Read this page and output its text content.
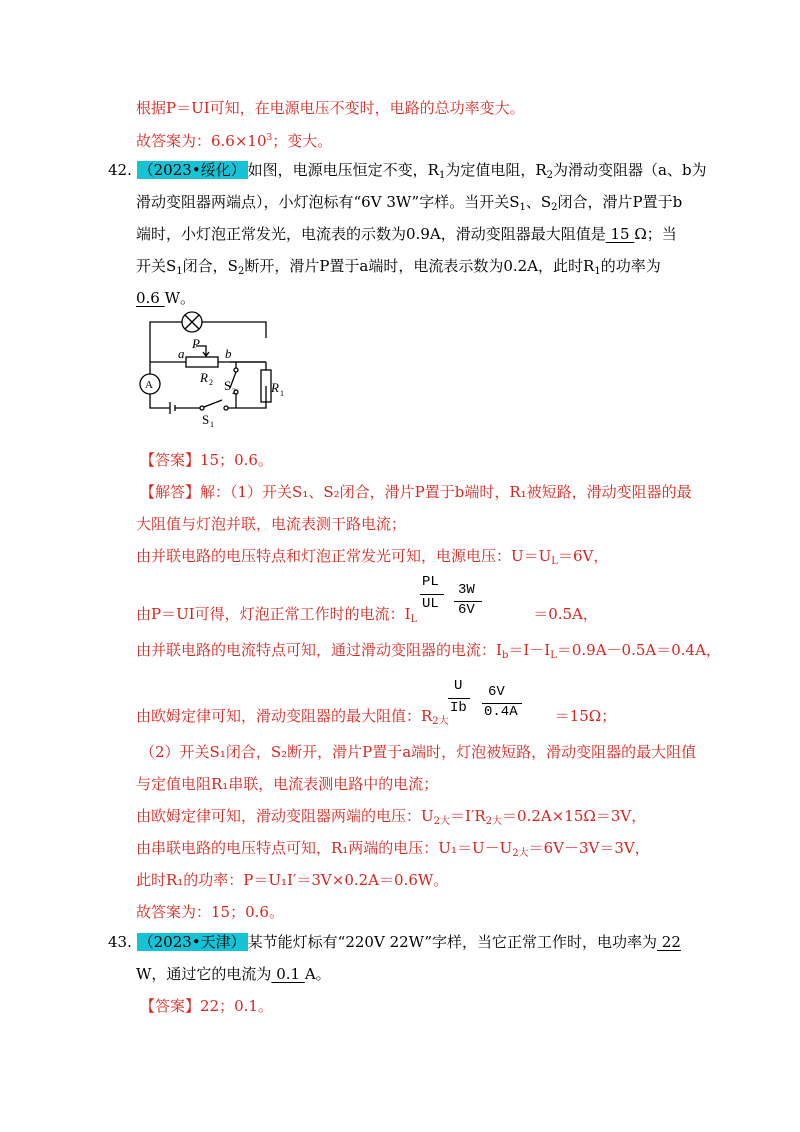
根据P＝UI可知，在电源电压不变时，电路的总功率变大。
故答案为：$6.6\times 10^3$；变大。
42. （2023•绥化） 如图，电源电压恒定不变，$R_1$为定值电阻，$R_2$为滑动变阻器（a、b为
滑动变阻器两端点），小灯泡标有“6V 3W”字样。当开关$S_1$、$S_2$闭合，滑片P置于b
端时，小灯泡正常发光，电流表的示数为0.9A，滑动变阻器最大阻值是 15 Ω；当
开关$S_1$闭合，$S_2$断开，滑片P置于a端时，电流表示数为0.2A，此时$R_1$的功率为
0.6 W。
a
P
b
R
S	R
S
A	2
2	1
1
【答案】15；0.6。
【解答】解：（1）开关S₁、S₂闭合，滑片P置于b端时，R₁被短路，滑动变阻器的最
大阻值与灯泡并联，电流表测干路电流；
由并联电路的电压特点和灯泡正常发光可知，电源电压：$U=U_L=6V$，
由P＝UI可得，灯泡正常工作时的电流：$I_L$	＝0.5A，
PL
UL
3W
6V
由并联电路的电流特点可知，通过滑动变阻器的电流：$I_b=I-I_L=0.9A-0.5A=0.4A$，
由欧姆定律可知，滑动变阻器的最大阻值：$R_{2大}$	＝15Ω；
U
Ib
6V
0.4A
（2）开关S₁闭合，S₂断开，滑片P置于a端时，灯泡被短路，滑动变阻器的最大阻值
与定值电阻R₁串联，电流表测电路中的电流；
由欧姆定律可知，滑动变阻器两端的电压：$U_{2大}=I'R_{2大}=0.2A\times 15\Omega=3V$，
由串联电路的电压特点可知，R₁两端的电压：$U_1=U-U_{2大}=6V-3V=3V$，
此时R₁的功率：P＝U₁I′＝3V×0.2A＝0.6W。
故答案为：15；0.6。
43. （2023•天津） 某节能灯标有“220V 22W”字样，当它正常工作时，电功率为 22
W，通过它的电流为 0.1 A。
【答案】22；0.1。
